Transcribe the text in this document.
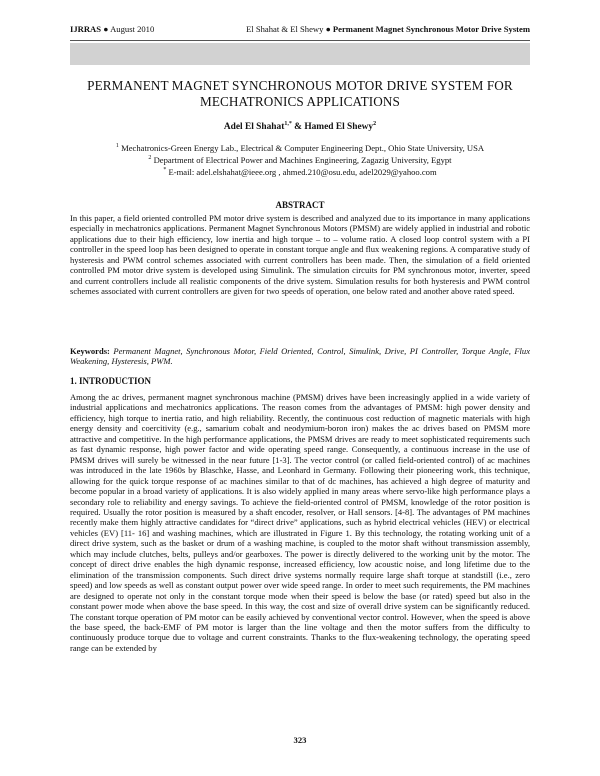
IJRRAS ● August 2010	El Shahat & El Shewy ● Permanent Magnet Synchronous Motor Drive System
PERMANENT MAGNET SYNCHRONOUS MOTOR DRIVE SYSTEM FOR
MECHATRONICS APPLICATIONS
Adel El Shahat$^{1,*}$ & Hamed El Shewy$^2$
$^1$ Mechatronics-Green Energy Lab., Electrical & Computer Engineering Dept., Ohio State University, USA
$^2$ Department of Electrical Power and Machines Engineering, Zagazig University, Egypt
* E-mail: adel.elshahat@ieee.org , ahmed.210@osu.edu, adel2029@yahoo.com
ABSTRACT

In this paper, a field oriented controlled PM motor drive system is described and analyzed due to its importance in many applications especially in mechatronics applications. Permanent Magnet Synchronous Motors (PMSM) are widely applied in industrial and robotic applications due to their high efficiency, low inertia and high torque – to – volume ratio. A closed loop control system with a PI controller in the speed loop has been designed to operate in constant torque angle and flux weakening regions. A comparative study of hysteresis and PWM control schemes associated with current controllers has been made. Then, the simulation of a field oriented controlled PM motor drive system is developed using Simulink. The simulation circuits for PM synchronous motor, inverter, speed and current controllers include all realistic components of the drive system. Simulation results for both hysteresis and PWM control schemes associated with current controllers are given for two speeds of operation, one below rated and another above rated speed.

Keywords: Permanent Magnet, Synchronous Motor, Field Oriented, Control, Simulink, Drive, PI Controller, Torque Angle, Flux Weakening, Hysteresis, PWM.

1. INTRODUCTION

Among the ac drives, permanent magnet synchronous machine (PMSM) drives have been increasingly applied in a wide variety of industrial applications and mechatronics applications. The reason comes from the advantages of PMSM: high power density and efficiency, high torque to inertia ratio, and high reliability. Recently, the continuous cost reduction of magnetic materials with high energy density and coercitivity (e.g., samarium cobalt and neodymium-boron iron) makes the ac drives based on PMSM more attractive and competitive. In the high performance applications, the PMSM drives are ready to meet sophisticated requirements such as fast dynamic response, high power factor and wide operating speed range. Consequently, a continuous increase in the use of PMSM drives will surely be witnessed in the near future [1-3]. The vector control (or called field-oriented control) of ac machines was introduced in the late 1960s by Blaschke, Hasse, and Leonhard in Germany. Following their pioneering work, this technique, allowing for the quick torque response of ac machines similar to that of dc machines, has achieved a high degree of maturity and become popular in a broad variety of applications. It is also widely applied in many areas where servo-like high performance plays a secondary role to reliability and energy savings. To achieve the field-oriented control of PMSM, knowledge of the rotor position is required. Usually the rotor position is measured by a shaft encoder, resolver, or Hall sensors. [4-8]. The advantages of PM machines recently make them highly attractive candidates for “direct drive” applications, such as hybrid electrical vehicles (HEV) or electrical vehicles (EV) [11- 16] and washing machines, which are illustrated in Figure 1. By this technology, the rotating working unit of a direct drive system, such as the basket or drum of a washing machine, is coupled to the motor shaft without transmission assembly, which may include clutches, belts, pulleys and/or gearboxes. The power is directly delivered to the working unit by the motor. The concept of direct drive enables the high dynamic response, increased efficiency, low acoustic noise, and long lifetime due to the elimination of the transmission components. Such direct drive systems normally require large shaft torque at standstill (i.e., zero speed) and low speeds as well as constant output power over wide speed range. In order to meet such requirements, the PM machines are designed to operate not only in the constant torque mode when their speed is below the base (or rated) speed but also in the constant power mode when above the base speed. In this way, the cost and size of overall drive system can be significantly reduced. The constant torque operation of PM motor can be easily achieved by conventional vector control. However, when the speed is above the base speed, the back-EMF of PM motor is larger than the line voltage and then the motor suffers from the difficulty to continuously produce torque due to voltage and current constraints. Thanks to the flux-weakening technology, the operating speed range can be extended by

323
